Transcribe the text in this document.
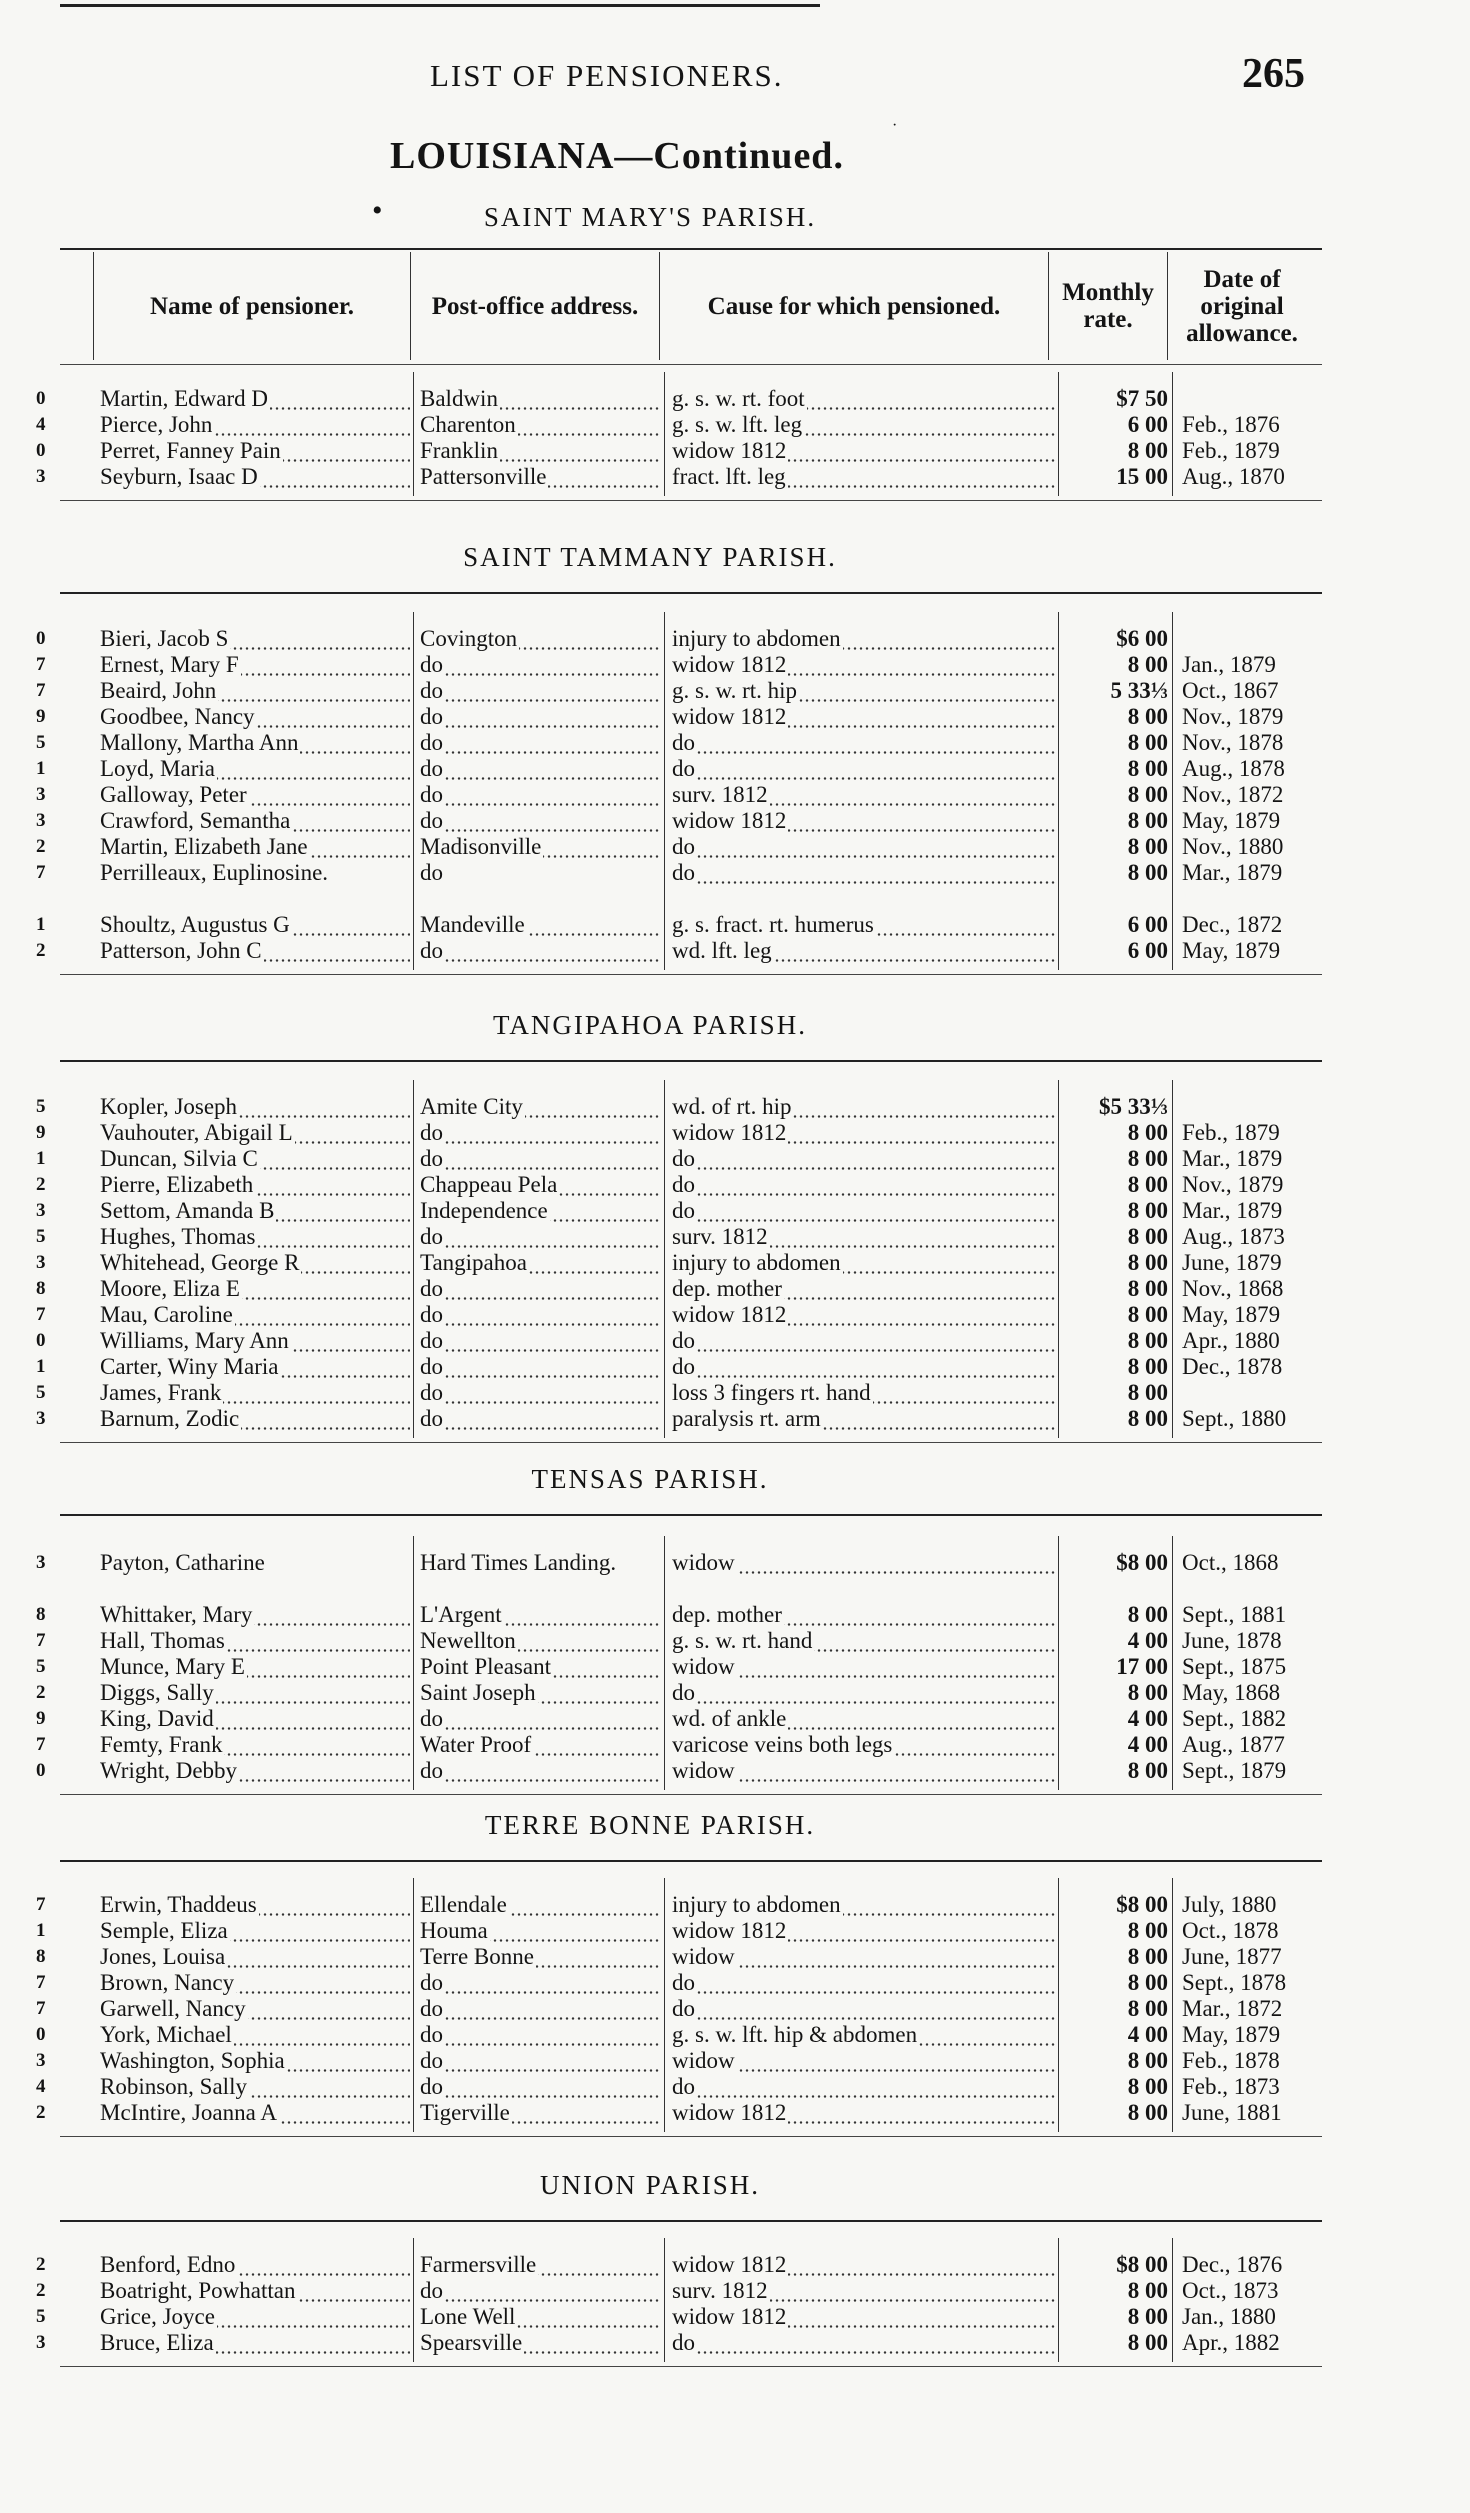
LIST OF PENSIONERS.	265
LOUISIANA—Continued.
•
·
	Name of pensioner.	Post-office address.	Cause for which pensioned.	Monthly rate.	Date of original allowance.
SAINT MARY'S PARISH.
0	Martin, Edward D	Baldwin	g. s. w. rt. foot	$7 50
4	Pierce, John	Charenton	g. s. w. lft. leg	6 00 Feb., 1876
0	Perret, Fanney Pain	Franklin	widow 1812	8 00 Feb., 1879
3	Seyburn, Isaac D	Pattersonville	fract. lft. leg	15 00 Aug., 1870
SAINT TAMMANY PARISH.
0	Bieri, Jacob S	Covington	injury to abdomen	$6 00
7	Ernest, Mary F	do	widow 1812	8 00 Jan., 1879
7	Beaird, John	do	g. s. w. rt. hip	5 33⅓ Oct., 1867
9	Goodbee, Nancy	do	widow 1812	8 00 Nov., 1879
5	Mallony, Martha Ann	do	do	8 00 Nov., 1878
1	Loyd, Maria	do	do	8 00 Aug., 1878
3	Galloway, Peter	do	surv. 1812	8 00 Nov., 1872
3	Crawford, Semantha	do	widow 1812	8 00 May, 1879
2	Martin, Elizabeth Jane	Madisonville	do	8 00 Nov., 1880
7	Perrilleaux, Euplinosine.	do	do	8 00 Mar., 1879
1	Shoultz, Augustus G	Mandeville	g. s. fract. rt. humerus	6 00 Dec., 1872
2	Patterson, John C	do	wd. lft. leg	6 00 May, 1879
TANGIPAHOA PARISH.
5	Kopler, Joseph	Amite City	wd. of rt. hip	$5 33⅓
9	Vauhouter, Abigail L	do	widow 1812	8 00 Feb., 1879
1	Duncan, Silvia C	do	do	8 00 Mar., 1879
2	Pierre, Elizabeth	Chappeau Pela	do	8 00 Nov., 1879
3	Settom, Amanda B	Independence	do	8 00 Mar., 1879
5	Hughes, Thomas	do	surv. 1812	8 00 Aug., 1873
3	Whitehead, George R	Tangipahoa	injury to abdomen	8 00 June, 1879
8	Moore, Eliza E	do	dep. mother	8 00 Nov., 1868
7	Mau, Caroline	do	widow 1812	8 00 May, 1879
0	Williams, Mary Ann	do	do	8 00 Apr., 1880
1	Carter, Winy Maria	do	do	8 00 Dec., 1878
5	James, Frank	do	loss 3 fingers rt. hand	8 00
3	Barnum, Zodic	do	paralysis rt. arm	8 00 Sept., 1880
TENSAS PARISH.
3	Payton, Catharine	Hard Times Landing.	widow	$8 00 Oct., 1868
8	Whittaker, Mary	L'Argent	dep. mother	8 00 Sept., 1881
7	Hall, Thomas	Newellton	g. s. w. rt. hand	4 00 June, 1878
5	Munce, Mary E	Point Pleasant	widow	17 00 Sept., 1875
2	Diggs, Sally	Saint Joseph	do	8 00 May, 1868
9	King, David	do	wd. of ankle	4 00 Sept., 1882
7	Femty, Frank	Water Proof	varicose veins both legs	4 00 Aug., 1877
0	Wright, Debby	do	widow	8 00 Sept., 1879
TERRE BONNE PARISH.
7	Erwin, Thaddeus	Ellendale	injury to abdomen	$8 00 July, 1880
1	Semple, Eliza	Houma	widow 1812	8 00 Oct., 1878
8	Jones, Louisa	Terre Bonne	widow	8 00 June, 1877
7	Brown, Nancy	do	do	8 00 Sept., 1878
7	Garwell, Nancy	do	do	8 00 Mar., 1872
0	York, Michael	do	g. s. w. lft. hip & abdomen	4 00 May, 1879
3	Washington, Sophia	do	widow	8 00 Feb., 1878
4	Robinson, Sally	do	do	8 00 Feb., 1873
2	McIntire, Joanna A	Tigerville	widow 1812	8 00 June, 1881
UNION PARISH.
2	Benford, Edno	Farmersville	widow 1812	$8 00 Dec., 1876
2	Boatright, Powhattan	do	surv. 1812	8 00 Oct., 1873
5	Grice, Joyce	Lone Well	widow 1812	8 00 Jan., 1880
3	Bruce, Eliza	Spearsville	do	8 00 Apr., 1882
